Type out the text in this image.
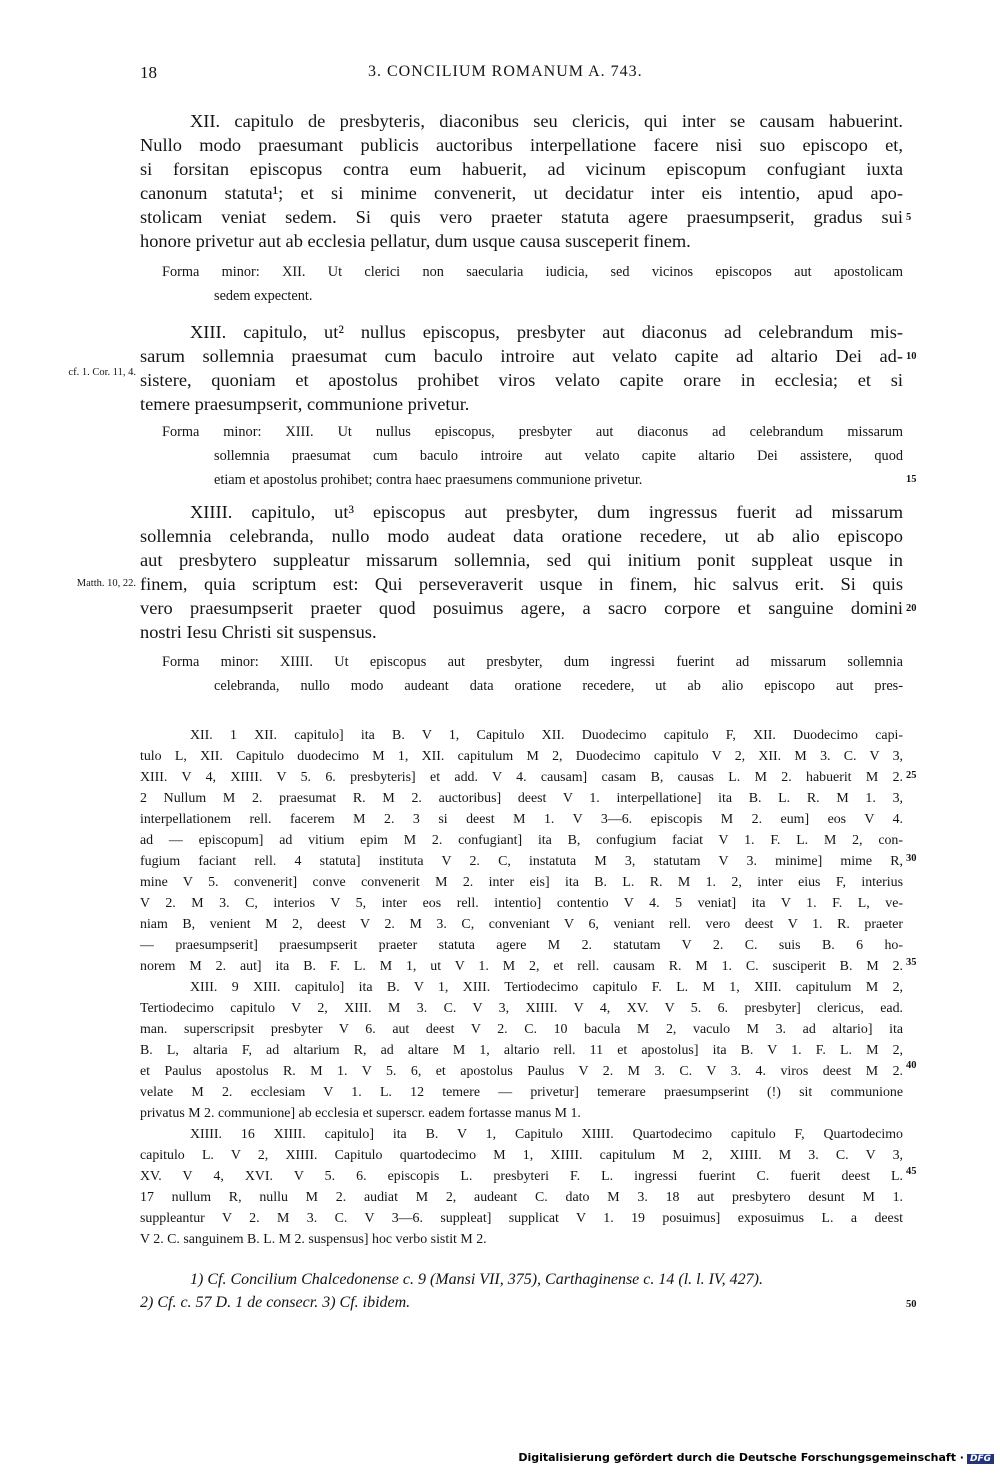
18	3. CONCILIUM ROMANUM A. 743.
XII. capitulo de presbyteris, diaconibus seu clericis, qui inter se causam habuerint.
Nullo modo praesumant publicis auctoribus interpellatione facere nisi suo episcopo et,
si forsitan episcopus contra eum habuerit, ad vicinum episcopum confugiant iuxta
canonum statuta¹; et si minime convenerit, ut decidatur inter eis intentio, apud apo-
stolicam veniat sedem. Si quis vero praeter statuta agere praesumpserit, gradus sui
honore privetur aut ab ecclesia pellatur, dum usque causa susceperit finem.
Forma minor: XII. Ut clerici non saecularia iudicia, sed vicinos episcopos aut apostolicam
sedem expectent.
XIII. capitulo, ut² nullus episcopus, presbyter aut diaconus ad celebrandum mis-
sarum sollemnia praesumat cum baculo introire aut velato capite ad altario Dei ad-
sistere, quoniam et apostolus prohibet viros velato capite orare in ecclesia; et si
temere praesumpserit, communione privetur.
Forma minor: XIII. Ut nullus episcopus, presbyter aut diaconus ad celebrandum missarum
sollemnia praesumat cum baculo introire aut velato capite altario Dei assistere, quod
etiam et apostolus prohibet; contra haec praesumens communione privetur.
XIIII. capitulo, ut³ episcopus aut presbyter, dum ingressus fuerit ad missarum
sollemnia celebranda, nullo modo audeat data oratione recedere, ut ab alio episcopo
aut presbytero suppleatur missarum sollemnia, sed qui initium ponit suppleat usque in
finem, quia scriptum est: Qui perseveraverit usque in finem, hic salvus erit. Si quis
vero praesumpserit praeter quod posuimus agere, a sacro corpore et sanguine domini
nostri Iesu Christi sit suspensus.
Forma minor: XIIII. Ut episcopus aut presbyter, dum ingressi fuerint ad missarum sollemnia
celebranda, nullo modo audeant data oratione recedere, ut ab alio episcopo aut pres-
cf. 1. Cor. 11, 4.
Matth. 10, 22.
5
10
15
20
25
30
35
40
45
50
XII. 1 XII. capitulo] ita B. V 1, Capitulo XII. Duodecimo capitulo F, XII. Duodecimo capi-
tulo L, XII. Capitulo duodecimo M 1, XII. capitulum M 2, Duodecimo capitulo V 2, XII. M 3. C. V 3,
XIII. V 4, XIIII. V 5. 6. presbyteris] et add. V 4. causam] casam B, causas L. M 2. habuerit M 2.
2 Nullum M 2. praesumat R. M 2. auctoribus] deest V 1. interpellatione] ita B. L. R. M 1. 3,
interpellationem rell. facerem M 2. 3 si deest M 1. V 3—6. episcopis M 2. eum] eos V 4.
ad — episcopum] ad vitium epim M 2. confugiant] ita B, confugium faciat V 1. F. L. M 2, con-
fugium faciant rell. 4 statuta] instituta V 2. C, instatuta M 3, statutam V 3. minime] mime R,
mine V 5. convenerit] conve convenerit M 2. inter eis] ita B. L. R. M 1. 2, inter eius F, interius
V 2. M 3. C, interios V 5, inter eos rell. intentio] contentio V 4. 5 veniat] ita V 1. F. L, ve-
niam B, venient M 2, deest V 2. M 3. C, conveniant V 6, veniant rell. vero deest V 1. R. praeter
— praesumpserit] praesumpserit praeter statuta agere M 2. statutam V 2. C. suis B. 6 ho-
norem M 2. aut] ita B. F. L. M 1, ut V 1. M 2, et rell. causam R. M 1. C. susciperit B. M 2.
XIII. 9 XIII. capitulo] ita B. V 1, XIII. Tertiodecimo capitulo F. L. M 1, XIII. capitulum M 2,
Tertiodecimo capitulo V 2, XIII. M 3. C. V 3, XIIII. V 4, XV. V 5. 6. presbyter] clericus, ead.
man. superscripsit presbyter V 6. aut deest V 2. C. 10 bacula M 2, vaculo M 3. ad altario] ita
B. L, altaria F, ad altarium R, ad altare M 1, altario rell. 11 et apostolus] ita B. V 1. F. L. M 2,
et Paulus apostolus R. M 1. V 5. 6, et apostolus Paulus V 2. M 3. C. V 3. 4. viros deest M 2.
velate M 2. ecclesiam V 1. L. 12 temere — privetur] temerare praesumpserint (!) sit communione
privatus M 2. communione] ab ecclesia et superscr. eadem fortasse manus M 1.
XIIII. 16 XIIII. capitulo] ita B. V 1, Capitulo XIIII. Quartodecimo capitulo F, Quartodecimo
capitulo L. V 2, XIIII. Capitulo quartodecimo M 1, XIIII. capitulum M 2, XIIII. M 3. C. V 3,
XV. V 4, XVI. V 5. 6. episcopis L. presbyteri F. L. ingressi fuerint C. fuerit deest L.
17 nullum R, nullu M 2. audiat M 2, audeant C. dato M 3. 18 aut presbytero desunt M 1.
suppleantur V 2. M 3. C. V 3—6. suppleat] supplicat V 1. 19 posuimus] exposuimus L. a deest
V 2. C. sanguinem B. L. M 2. suspensus] hoc verbo sistit M 2.
1) Cf. Concilium Chalcedonense c. 9 (Mansi VII, 375), Carthaginense c. 14 (l. l. IV, 427).
2) Cf. c. 57 D. 1 de consecr. 3) Cf. ibidem.
Digitalisierung gefördert durch die Deutsche Forschungsgemeinschaft · DFG
